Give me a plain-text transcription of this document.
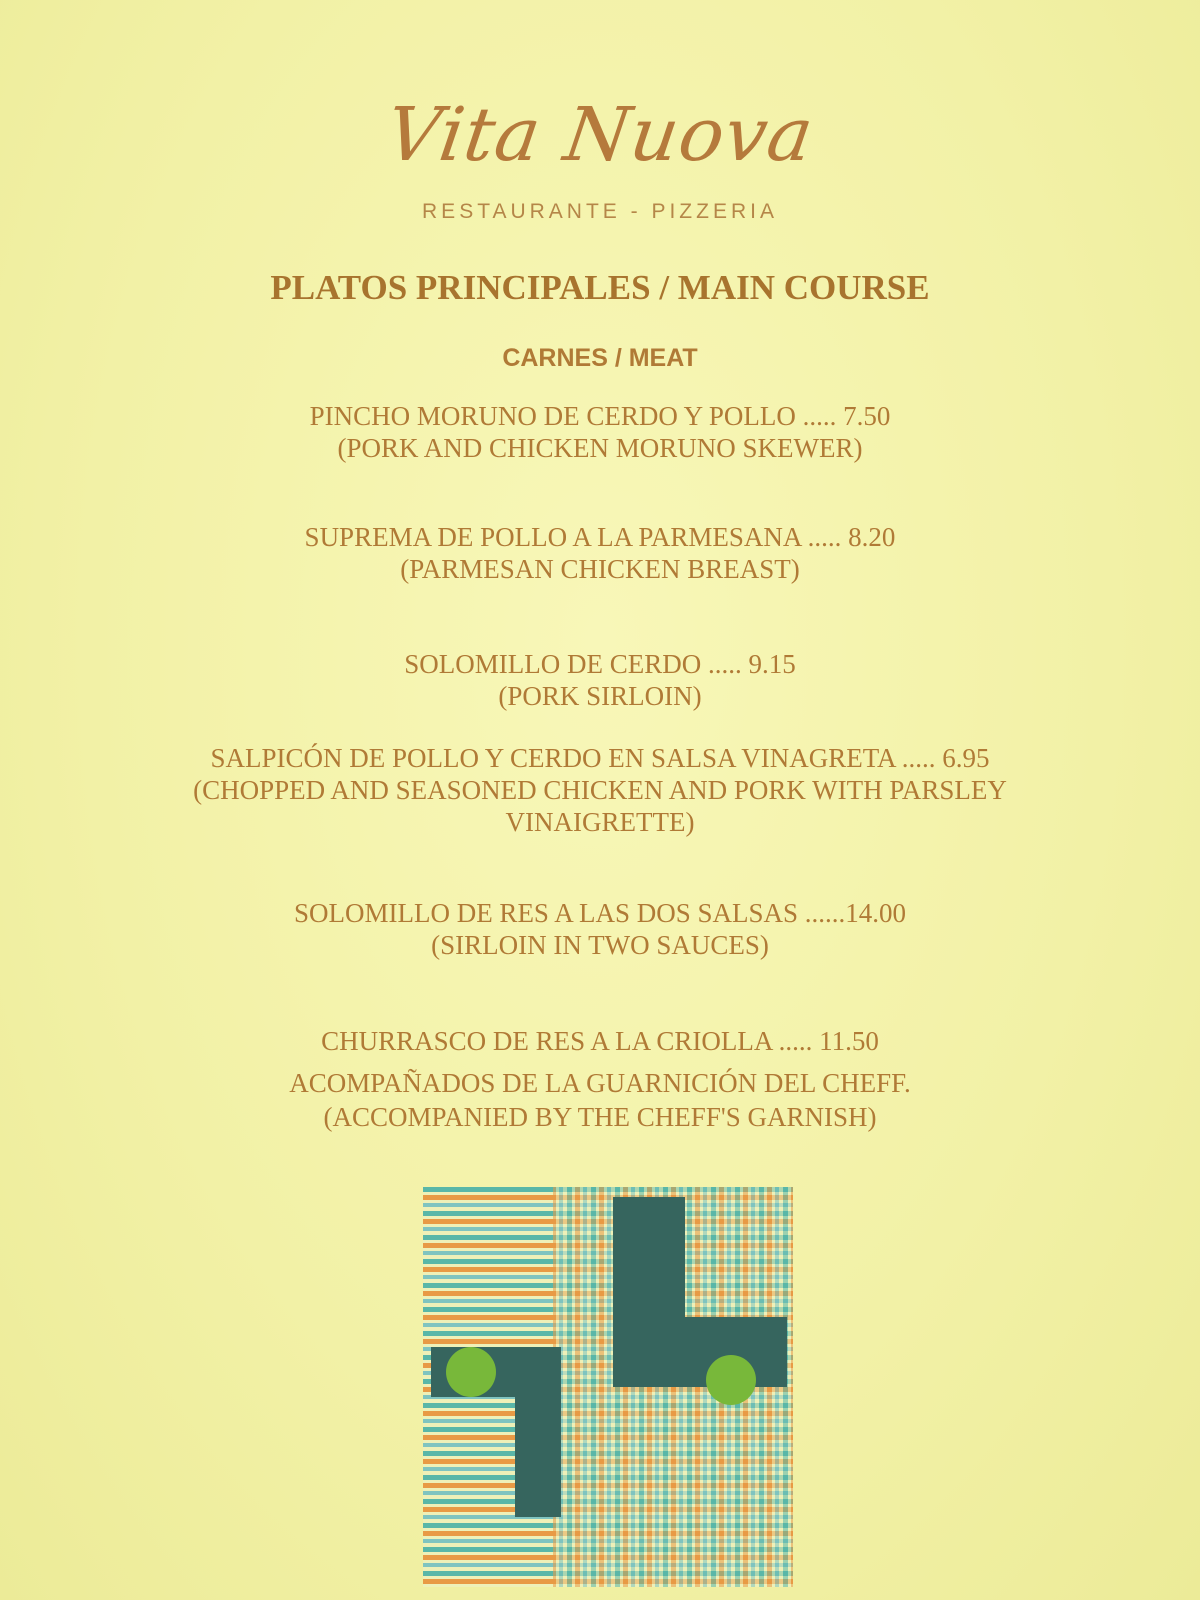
Vita Nuova
RESTAURANTE - PIZZERIA
PLATOS PRINCIPALES / MAIN COURSE
CARNES / MEAT
PINCHO MORUNO DE CERDO Y POLLO ..... 7.50
(PORK AND CHICKEN MORUNO SKEWER)
SUPREMA DE POLLO A LA PARMESANA ..... 8.20
(PARMESAN CHICKEN BREAST)
SOLOMILLO DE CERDO ..... 9.15
(PORK SIRLOIN)
SALPICÓN DE POLLO Y CERDO EN SALSA VINAGRETA ..... 6.95
(CHOPPED AND SEASONED CHICKEN AND PORK WITH PARSLEY
VINAIGRETTE)
SOLOMILLO DE RES A LAS DOS SALSAS ......14.00
(SIRLOIN IN TWO SAUCES)
CHURRASCO DE RES A LA CRIOLLA ..... 11.50
ACOMPAÑADOS DE LA GUARNICIÓN DEL CHEFF.
(ACCOMPANIED BY THE CHEFF'S GARNISH)
